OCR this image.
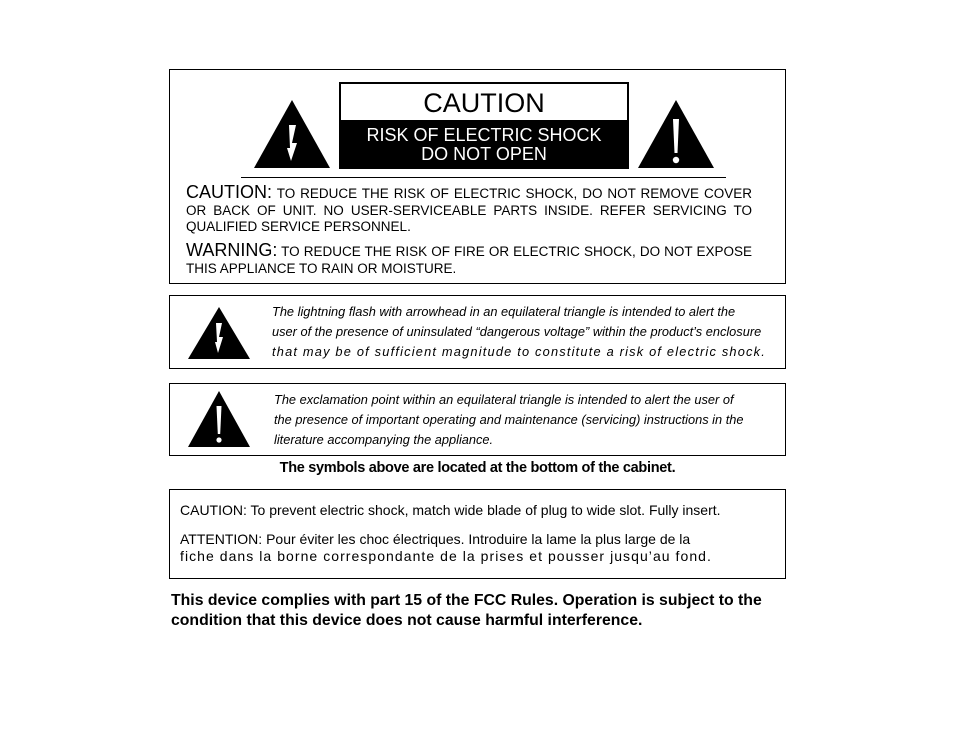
CAUTION
RISK OF ELECTRIC SHOCK
DO NOT OPEN
CAUTION: TO REDUCE THE RISK OF ELECTRIC SHOCK, DO NOT REMOVE COVER OR BACK OF UNIT. NO USER-SERVICEABLE PARTS INSIDE. REFER SERVICING TO QUALIFIED SERVICE PERSONNEL.
WARNING: TO REDUCE THE RISK OF FIRE OR ELECTRIC SHOCK, DO NOT EXPOSE THIS APPLIANCE TO RAIN OR MOISTURE.
The lightning flash with arrowhead in an equilateral triangle is intended to alert the
user of the presence of uninsulated “dangerous voltage” within the product’s enclosure
that may be of sufficient magnitude to constitute a risk of electric shock.
The exclamation point within an equilateral triangle is intended to alert the user of
the presence of important operating and maintenance (servicing) instructions in the
literature accompanying the appliance.
The symbols above are located at the bottom of the cabinet.
CAUTION: To prevent electric shock, match wide blade of plug to wide slot. Fully insert.
ATTENTION: Pour éviter les choc électriques. Introduire la lame la plus large de la
fiche dans la borne correspondante de la prises et pousser jusqu’au fond.
This device complies with part 15 of the FCC Rules. Operation is subject to the
condition that this device does not cause harmful interference.
